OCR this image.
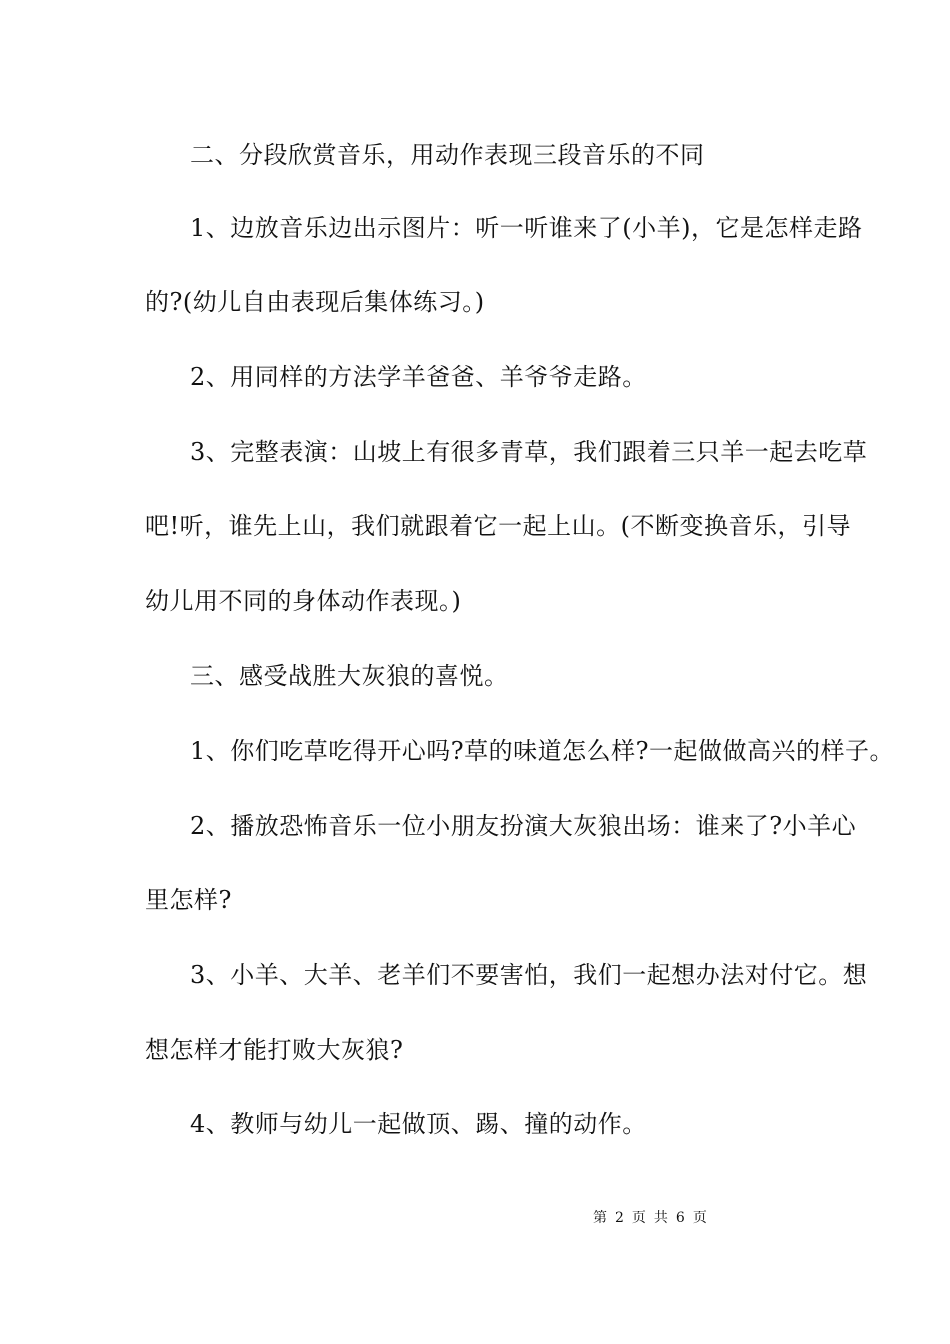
二、分段欣赏音乐，用动作表现三段音乐的不同
1、边放音乐边出示图片：听一听谁来了(小羊)，它是怎样走路
的?(幼儿自由表现后集体练习。)
2、用同样的方法学羊爸爸、羊爷爷走路。
3、完整表演：山坡上有很多青草，我们跟着三只羊一起去吃草
吧!听，谁先上山，我们就跟着它一起上山。(不断变换音乐，引导
幼儿用不同的身体动作表现。)
三、感受战胜大灰狼的喜悦。
1、你们吃草吃得开心吗?草的味道怎么样?一起做做高兴的样子。
2、播放恐怖音乐一位小朋友扮演大灰狼出场：谁来了?小羊心
里怎样?
3、小羊、大羊、老羊们不要害怕，我们一起想办法对付它。想
想怎样才能打败大灰狼?
4、教师与幼儿一起做顶、踢、撞的动作。
第 2 页 共 6 页
